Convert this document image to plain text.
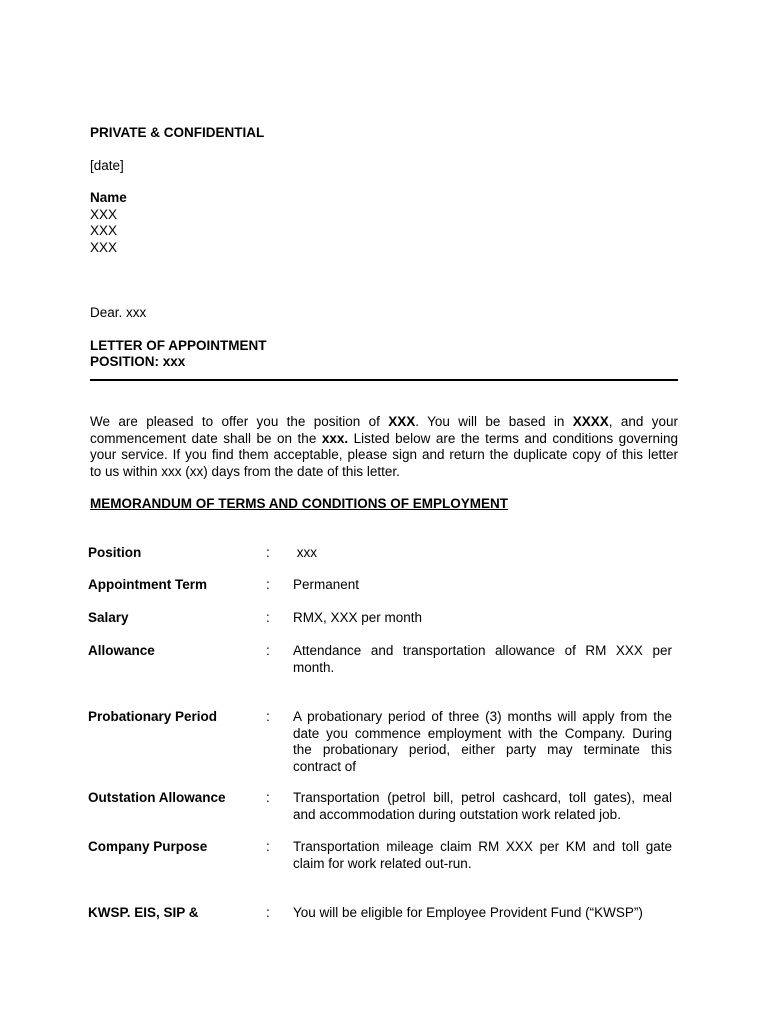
PRIVATE & CONFIDENTIAL
[date]
Name
XXX
XXX
XXX
Dear. xxx
LETTER OF APPOINTMENT
POSITION: xxx
We are pleased to offer you the position of XXX. You will be based in XXXX, and your
commencement date shall be on the xxx. Listed below are the terms and conditions governing
your service. If you find them acceptable, please sign and return the duplicate copy of this letter
to us within xxx (xx) days from the date of this letter.
MEMORANDUM OF TERMS AND CONDITIONS OF EMPLOYMENT
Position	: xxx
Appointment Term	: Permanent
Salary	: RMX, XXX per month
Allowance	: Attendance and transportation allowance of RM XXX per
month.
Probationary Period	: A probationary period of three (3) months will apply from the
date you commence employment with the Company. During
the probationary period, either party may terminate this
contract of
Outstation Allowance	: Transportation (petrol bill, petrol cashcard, toll gates), meal
and accommodation during outstation work related job.
Company Purpose	: Transportation mileage claim RM XXX per KM and toll gate
claim for work related out-run.
KWSP. EIS, SIP &	: You will be eligible for Employee Provident Fund (“KWSP”)
